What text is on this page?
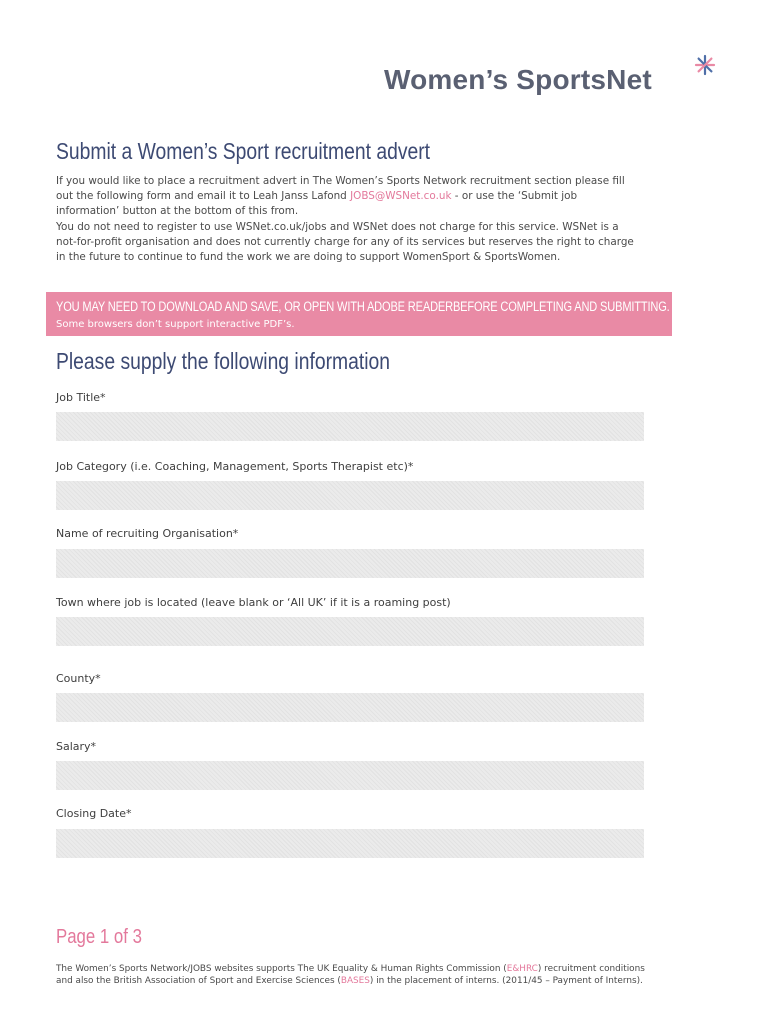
Women’s SportsNet
Submit a Women’s Sport recruitment advert

If you would like to place a recruitment advert in The Women’s Sports Network recruitment section please fill out the following form and email it to Leah Janss Lafond JOBS@WSNet.co.uk - or use the ‘Submit job information’ button at the bottom of this from.

You do not need to register to use WSNet.co.uk/jobs and WSNet does not charge for this service. WSNet is a not-for-profit organisation and does not currently charge for any of its services but reserves the right to charge in the future to continue to fund the work we are doing to support WomenSport & SportsWomen.

YOU MAY NEED TO DOWNLOAD AND SAVE, OR OPEN WITH ADOBE READERBEFORE COMPLETING AND SUBMITTING.
Some browsers don’t support interactive PDF’s.
Please supply the following information

Job Title*

Job Category (i.e. Coaching, Management, Sports Therapist etc)*

Name of recruiting Organisation*

Town where job is located (leave blank or ‘All UK’ if it is a roaming post)

County*

Salary*

Closing Date*

Page 1 of 3

The Women’s Sports Network/JOBS websites supports The UK Equality & Human Rights Commission (E&HRC) recruitment conditions and also the British Association of Sport and Exercise Sciences (BASES) in the placement of interns. (2011/45 – Payment of Interns).
